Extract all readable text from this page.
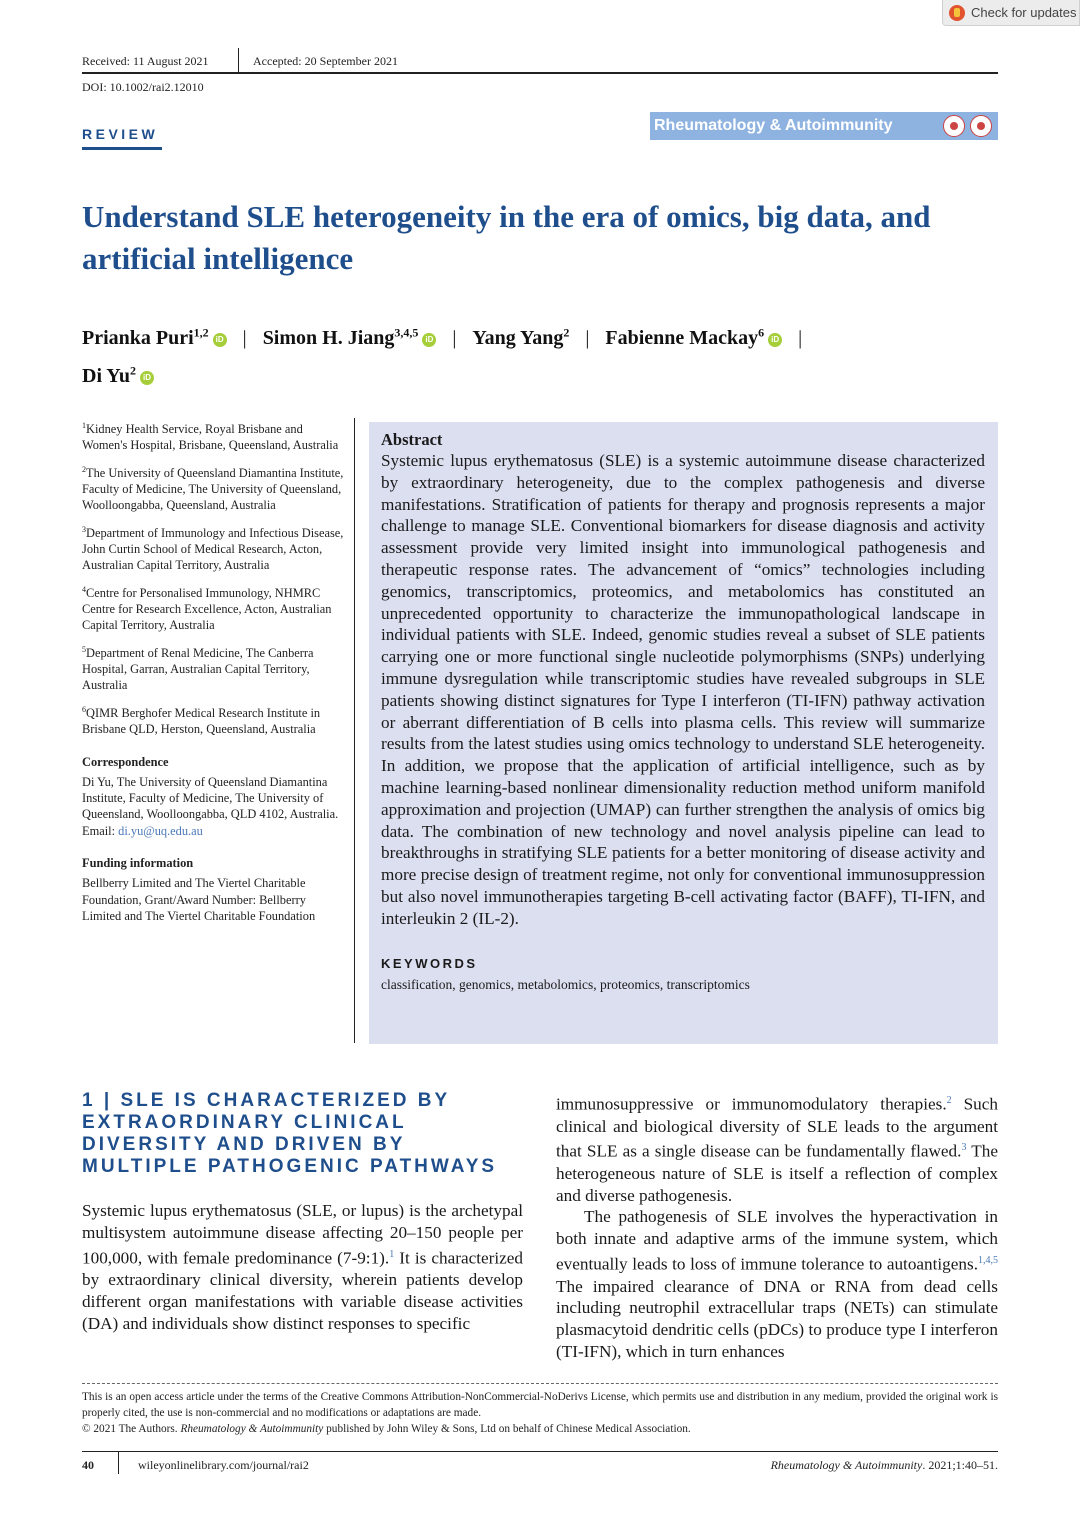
Check for updates
Received: 11 August 2021	Accepted: 20 September 2021
DOI: 10.1002/rai2.12010
REVIEW	Rheumatology & Autoimmunity
Understand SLE heterogeneity in the era of omics, big data, and artificial intelligence
Prianka Puri$^{1,2}$iD | Simon H. Jiang$^{3,4,5}$iD | Yang Yang$^2$ | Fabienne Mackay$^6$iD |
Di Yu$^2$iD

$^1$Kidney Health Service, Royal Brisbane and Women's Hospital, Brisbane, Queensland, Australia

$^2$The University of Queensland Diamantina Institute, Faculty of Medicine, The University of Queensland, Woolloongabba, Queensland, Australia

$^3$Department of Immunology and Infectious Disease, John Curtin School of Medical Research, Acton, Australian Capital Territory, Australia

$^4$Centre for Personalised Immunology, NHMRC Centre for Research Excellence, Acton, Australian Capital Territory, Australia

$^5$Department of Renal Medicine, The Canberra Hospital, Garran, Australian Capital Territory, Australia

$^6$QIMR Berghofer Medical Research Institute in Brisbane QLD, Herston, Queensland, Australia

Correspondence
Di Yu, The University of Queensland Diamantina Institute, Faculty of Medicine, The University of Queensland, Woolloongabba, QLD 4102, Australia.
Email: di.yu@uq.edu.au
Funding information
Bellberry Limited and The Viertel Charitable Foundation, Grant/Award Number: Bellberry Limited and The Viertel Charitable Foundation
Abstract

Systemic lupus erythematosus (SLE) is a systemic autoimmune disease characterized by extraordinary heterogeneity, due to the complex pathogenesis and diverse manifestations. Stratification of patients for therapy and prognosis represents a major challenge to manage SLE. Conventional biomarkers for disease diagnosis and activity assessment provide very limited insight into immunological pathogenesis and therapeutic response rates. The advancement of “omics” technologies including genomics, transcriptomics, proteomics, and metabolomics has constituted an unprecedented opportunity to characterize the immunopathological landscape in individual patients with SLE. Indeed, genomic studies reveal a subset of SLE patients carrying one or more functional single nucleotide polymorphisms (SNPs) underlying immune dysregulation while transcriptomic studies have revealed subgroups in SLE patients showing distinct signatures for Type I interferon (TI-IFN) pathway activation or aberrant differentiation of B cells into plasma cells. This review will summarize results from the latest studies using omics technology to understand SLE heterogeneity. In addition, we propose that the application of artificial intelligence, such as by machine learning-based nonlinear dimensionality reduction method uniform manifold approximation and projection (UMAP) can further strengthen the analysis of omics big data. The combination of new technology and novel analysis pipeline can lead to breakthroughs in stratifying SLE patients for a better monitoring of disease activity and more precise design of treatment regime, not only for conventional immunosuppression but also novel immunotherapies targeting B-cell activating factor (BAFF), TI-IFN, and interleukin 2 (IL-2).

KEYWORDS
classification, genomics, metabolomics, proteomics, transcriptomics
1 | SLE IS CHARACTERIZED BY EXTRAORDINARY CLINICAL DIVERSITY AND DRIVEN BY MULTIPLE PATHOGENIC PATHWAYS

Systemic lupus erythematosus (SLE, or lupus) is the archetypal multisystem autoimmune disease affecting 20–150 people per 100,000, with female predominance (7-9:1).$^1$ It is characterized by extraordinary clinical diversity, wherein patients develop different organ manifestations with variable disease activities (DA) and individuals show distinct responses to specific

immunosuppressive or immunomodulatory therapies.$^2$ Such clinical and biological diversity of SLE leads to the argument that SLE as a single disease can be fundamentally flawed.$^3$ The heterogeneous nature of SLE is itself a reflection of complex and diverse pathogenesis.

The pathogenesis of SLE involves the hyperactivation in both innate and adaptive arms of the immune system, which eventually leads to loss of immune tolerance to autoantigens.$^{1,4,5}$ The impaired clearance of DNA or RNA from dead cells including neutrophil extracellular traps (NETs) can stimulate plasmacytoid dendritic cells (pDCs) to produce type I interferon (TI-IFN), which in turn enhances

This is an open access article under the terms of the Creative Commons Attribution-NonCommercial-NoDerivs License, which permits use and distribution in any medium, provided the original work is properly cited, the use is non-commercial and no modifications or adaptations are made.
© 2021 The Authors. Rheumatology & Autoimmunity published by John Wiley & Sons, Ltd on behalf of Chinese Medical Association.
40	wileyonlinelibrary.com/journal/rai2	Rheumatology & Autoimmunity. 2021;1:40–51.
